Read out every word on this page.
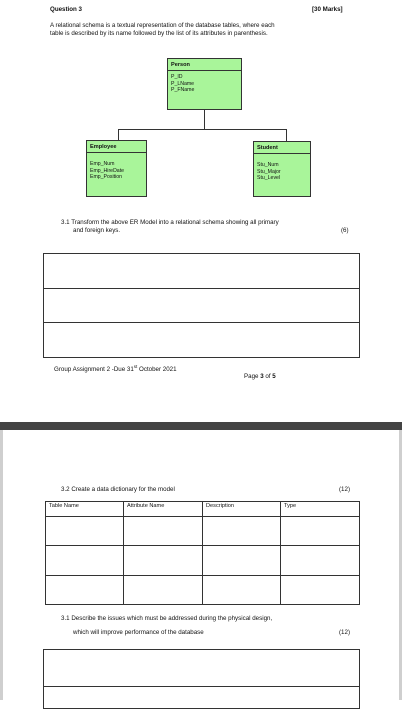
Question 3	[30 Marks]
A relational schema is a textual representation of the database tables, where each
table is described by its name followed by the list of its attributes in parenthesis.
Person
P_ID
P_LName
P_FName
Employee
Emp_Num
Emp_HireDate
Emp_Position
Student
Stu_Num
Stu_Major
Stu_Level
3.1 Transform the above ER Model into a relational schema showing all primary
and foreign keys.	(6)
Group Assignment 2 -Due 31st October 2021
Page 3 of 5
3.2 Create a data dictionary for the model	(12)
Table Name	Attribute Name	Description	Type

3.1 Describe the issues which must be addressed during the physical design,
which will improve performance of the database	(12)
